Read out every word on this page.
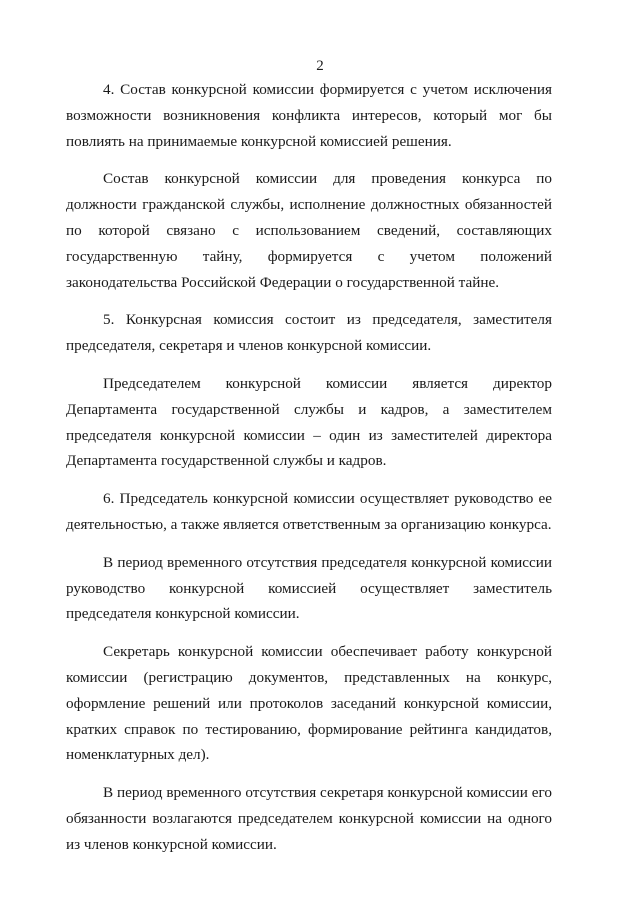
2

4. Состав конкурсной комиссии формируется с учетом исключения возможности возникновения конфликта интересов, который мог бы повлиять на принимаемые конкурсной комиссией решения.

Состав конкурсной комиссии для проведения конкурса по должности гражданской службы, исполнение должностных обязанностей по которой связано с использованием сведений, составляющих государственную тайну, формируется с учетом положений законодательства Российской Федерации о государственной тайне.

5. Конкурсная комиссия состоит из председателя, заместителя председателя, секретаря и членов конкурсной комиссии.

Председателем конкурсной комиссии является директор Департамента государственной службы и кадров, а заместителем председателя конкурсной комиссии – один из заместителей директора Департамента государственной службы и кадров.

6. Председатель конкурсной комиссии осуществляет руководство ее деятельностью, а также является ответственным за организацию конкурса.

В период временного отсутствия председателя конкурсной комиссии руководство конкурсной комиссией осуществляет заместитель председателя конкурсной комиссии.

Секретарь конкурсной комиссии обеспечивает работу конкурсной комиссии (регистрацию документов, представленных на конкурс, оформление решений или протоколов заседаний конкурсной комиссии, кратких справок по тестированию, формирование рейтинга кандидатов, номенклатурных дел).

В период временного отсутствия секретаря конкурсной комиссии его обязанности возлагаются председателем конкурсной комиссии на одного из членов конкурсной комиссии.
